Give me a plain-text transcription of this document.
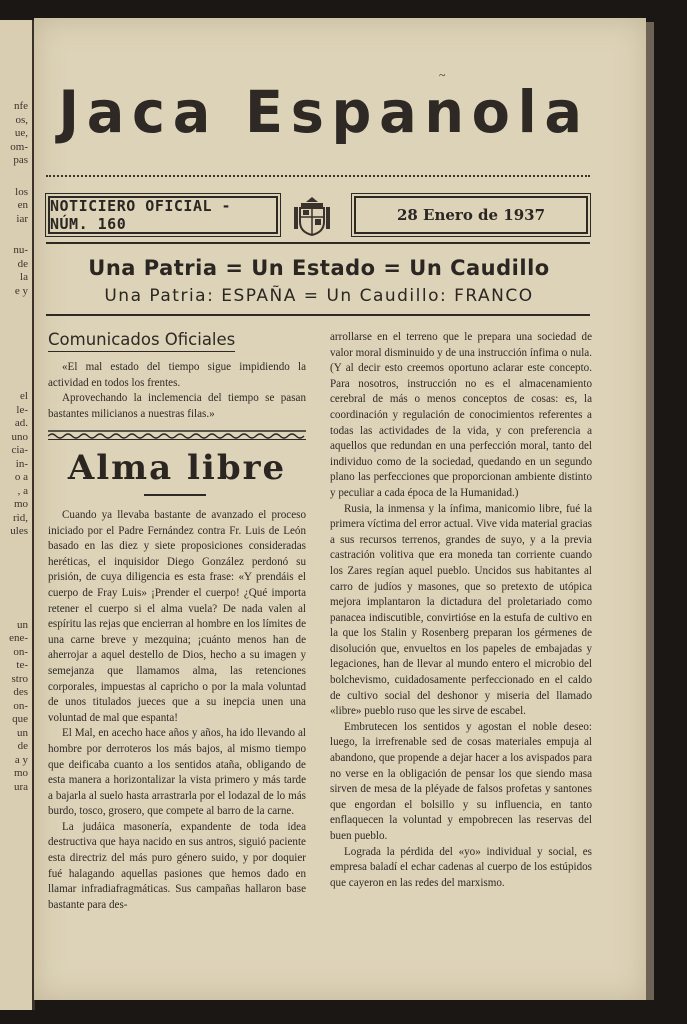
nfe
os,
ue,
om-
pas
los
en
iar
nu-
de
la
e y
el
le-
ad.
uno
cia-
in-
o a
, a
mo
rid,
ules
un
ene-
on-
te-
stro
des
on-
que
un
de
a y
mo
ura
~
Jaca Espanola
NOTICIERO OFICIAL - NÚM. 160	28 Enero de 1937
Una Patria = Un Estado = Un Caudillo
Una Patria: ESPAÑA = Un Caudillo: FRANCO
Comunicados Oficiales

«El mal estado del tiempo sigue impidiendo la actividad en todos los frentes.

Aprovechando la inclemencia del tiempo se pasan bastantes milicianos a nuestras filas.»

Alma libre

Cuando ya llevaba bastante de avanzado el proceso iniciado por el Padre Fernández contra Fr. Luis de León basado en las diez y siete proposiciones consideradas heréticas, el inquisidor Diego González perdonó su prisión, de cuya diligencia es esta frase: «Y prendáis el cuerpo de Fray Luis» ¡Prender el cuerpo! ¿Qué importa retener el cuerpo si el alma vuela? De nada valen al espíritu las rejas que encierran al hombre en los límites de una carne breve y mezquina; ¡cuánto menos han de aherrojar a aquel destello de Dios, hecho a su imagen y semejanza que llamamos alma, las retenciones corporales, impuestas al capricho o por la mala voluntad de unos titulados jueces que a su inepcia unen una voluntad de mal que espanta!

El Mal, en acecho hace años y años, ha ido llevando al hombre por derroteros los más bajos, al mismo tiempo que deificaba cuanto a los sentidos ataña, obligando de esta manera a horizontalizar la vista primero y más tarde a bajarla al suelo hasta arrastrarla por el lodazal de lo más burdo, tosco, grosero, que compete al barro de la carne.

La judáica masonería, expandente de toda idea destructiva que haya nacido en sus antros, siguió paciente esta directriz del más puro género suido, y por doquier fué halagando aquellas pasiones que hemos dado en llamar infradiafragmáticas. Sus campañas hallaron base bastante para des-

arrollarse en el terreno que le prepara una sociedad de valor moral disminuido y de una instrucción ínfima o nula. (Y al decir esto creemos oportuno aclarar este concepto. Para nosotros, instrucción no es el almacenamiento cerebral de más o menos conceptos de cosas: es, la coordinación y regulación de conocimientos referentes a todas las actividades de la vida, y con preferencia a aquellos que redundan en una perfección moral, tanto del individuo como de la sociedad, quedando en un segundo plano las perfecciones que proporcionan ambiente distinto y peculiar a cada época de la Humanidad.)

Rusia, la inmensa y la ínfima, manicomio libre, fué la primera víctima del error actual. Vive vida material gracias a sus recursos terrenos, grandes de suyo, y a la previa castración volitiva que era moneda tan corriente cuando los Zares regían aquel pueblo. Uncidos sus habitantes al carro de judíos y masones, que so pretexto de utópica mejora implantaron la dictadura del proletariado como panacea indiscutible, convirtióse en la estufa de cultivo en la que los Stalin y Rosenberg preparan los gérmenes de disolución que, envueltos en los papeles de embajadas y legaciones, han de llevar al mundo entero el microbio del bolchevismo, cuidadosamente perfeccionado en el caldo de cultivo social del deshonor y miseria del llamado «libre» pueblo ruso que les sirve de escabel.

Embrutecen los sentidos y agostan el noble deseo: luego, la irrefrenable sed de cosas materiales empuja al abandono, que propende a dejar hacer a los avispados para no verse en la obligación de pensar los que siendo masa sirven de mesa de la pléyade de falsos profetas y santones que engordan el bolsillo y su influencia, en tanto enflaquecen la voluntad y empobrecen las reservas del buen pueblo.

Lograda la pérdida del «yo» individual y social, es empresa baladí el echar cadenas al cuerpo de los estúpidos que cayeron en las redes del marxismo.
